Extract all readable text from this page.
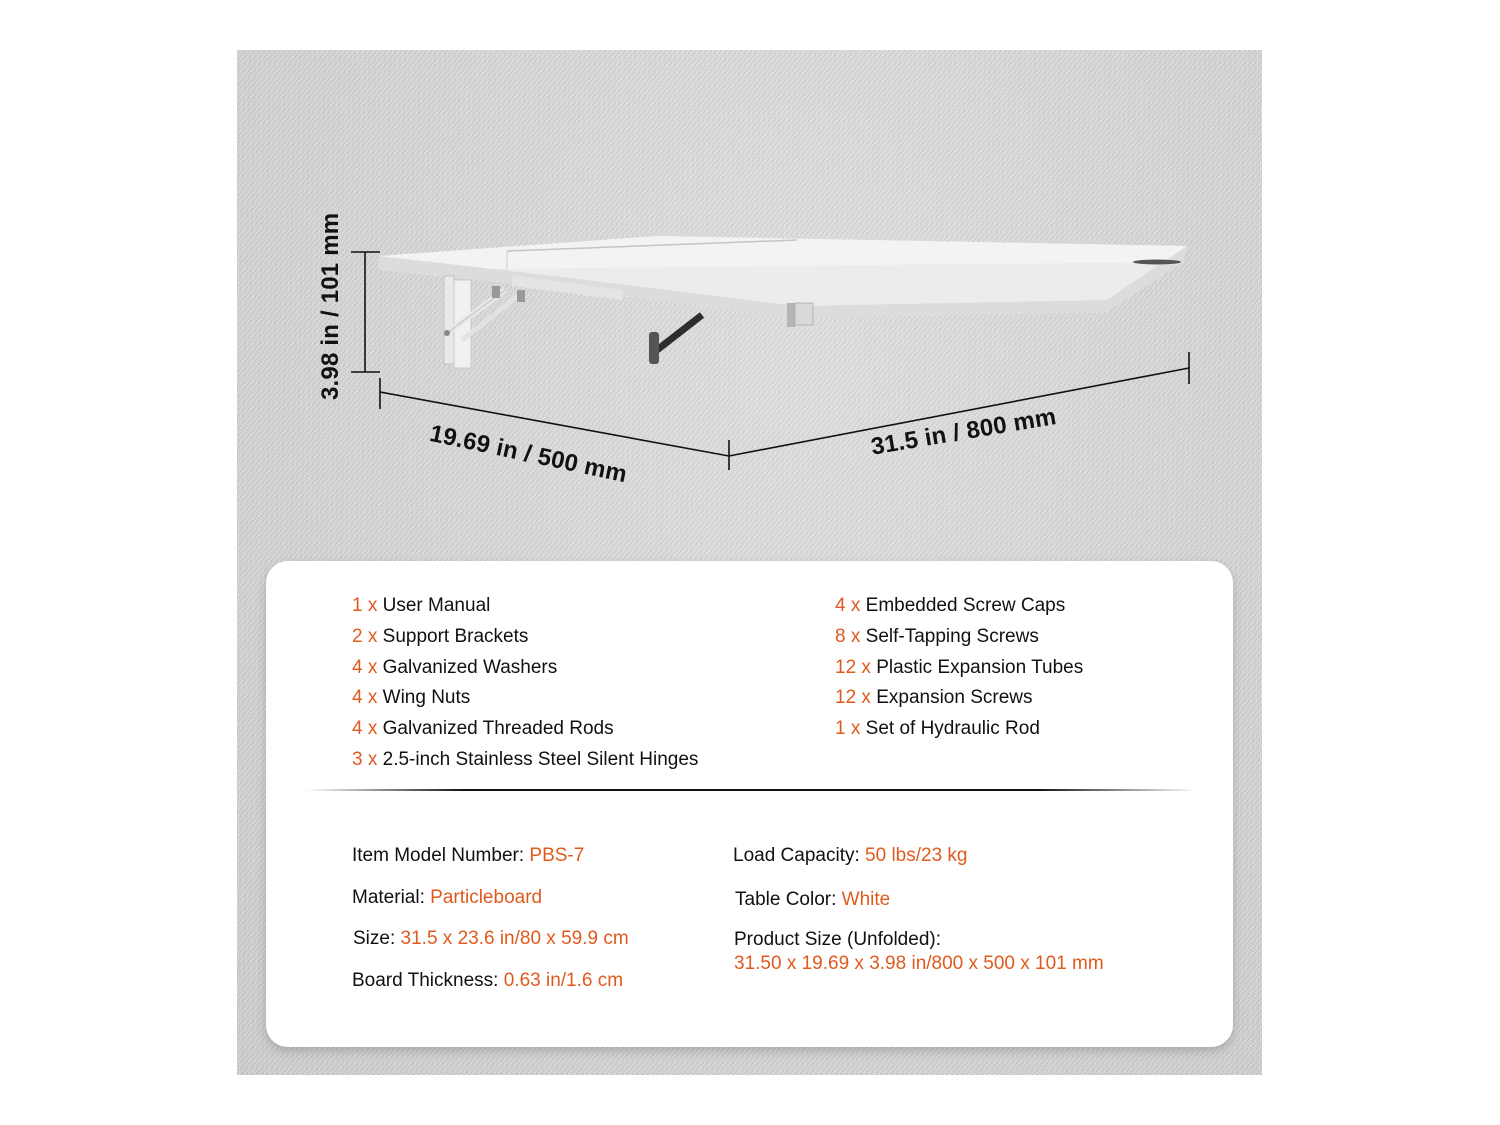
3.98 in / 101 mm
19.69 in / 500 mm	31.5 in / 800 mm
1 x User Manual
2 x Support Brackets
4 x Galvanized Washers
4 x Wing Nuts
4 x Galvanized Threaded Rods
3 x 2.5-inch Stainless Steel Silent Hinges
4 x Embedded Screw Caps
8 x Self-Tapping Screws
12 x Plastic Expansion Tubes
12 x Expansion Screws
1 x Set of Hydraulic Rod
Item Model Number: PBS-7
Material: Particleboard
Size: 31.5 x 23.6 in/80 x 59.9 cm
Board Thickness: 0.63 in/1.6 cm
Load Capacity: 50 lbs/23 kg
Table Color: White
Product Size (Unfolded):
31.50 x 19.69 x 3.98 in/800 x 500 x 101 mm
